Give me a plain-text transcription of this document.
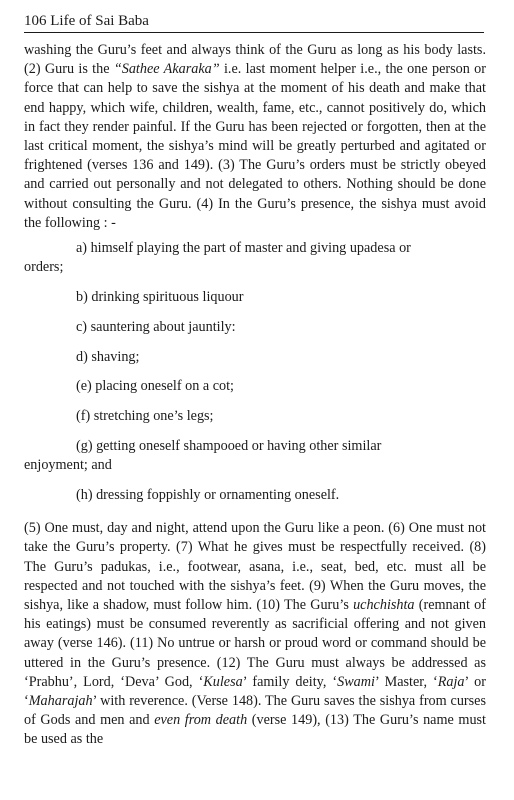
106 Life of Sai Baba

washing the Guru’s feet and always think of the Guru as long as his body lasts. (2) Guru is the “Sathee Akaraka” i.e. last moment helper i.e., the one person or force that can help to save the sishya at the moment of his death and make that end happy, which wife, children, wealth, fame, etc., cannot positively do, which in fact they render painful. If the Guru has been rejected or forgotten, then at the last critical moment, the sishya’s mind will be greatly perturbed and agitated or frightened (verses 136 and 149). (3) The Guru’s orders must be strictly obeyed and carried out personally and not delegated to others. Nothing should be done without consulting the Guru. (4) In the Guru’s presence, the sishya must avoid the following : -

a) himself playing the part of master and giving upadesa or
orders;
b) drinking spirituous liquour
c) sauntering about jauntily:
d) shaving;
(e) placing oneself on a cot;
(f) stretching one’s legs;
(g) getting oneself shampooed or having other similar
enjoyment; and
(h) dressing foppishly or ornamenting oneself.

(5) One must, day and night, attend upon the Guru like a peon. (6) One must not take the Guru’s property. (7) What he gives must be respectfully received. (8) The Guru’s padukas, i.e., footwear, asana, i.e., seat, bed, etc. must all be respected and not touched with the sishya’s feet. (9) When the Guru moves, the sishya, like a shadow, must follow him. (10) The Guru’s uchchishta (remnant of his eatings) must be consumed reverently as sacrificial offering and not given away (verse 146). (11) No untrue or harsh or proud word or command should be uttered in the Guru’s presence. (12) The Guru must always be addressed as ‘Prabhu’, Lord, ‘Deva’ God, ‘Kulesa’ family deity, ‘Swami’ Master, ‘Raja’ or ‘Maharajah’ with reverence. (Verse 148). The Guru saves the sishya from curses of Gods and men and even from death (verse 149), (13) The Guru’s name must be used as the
